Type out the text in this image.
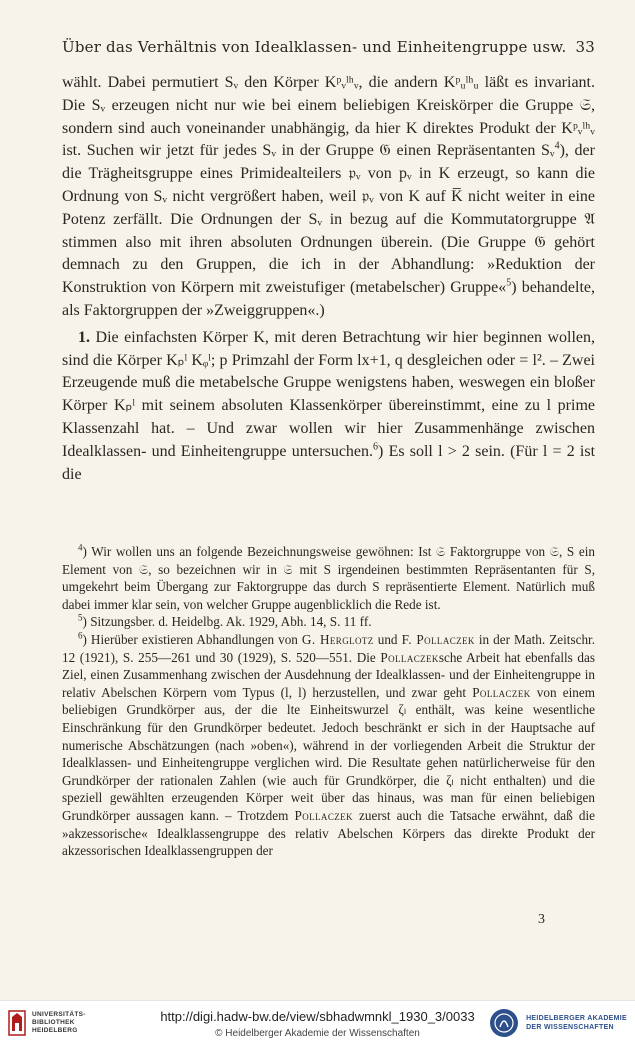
Über das Verhältnis von Idealklassen- und Einheitengruppe usw. 33

wählt. Dabei permutiert Sᵥ den Körper Kᵖᵥˡʰᵥ, die andern Kᵖᵤˡʰᵤ läßt es invariant. Die Sᵥ erzeugen nicht nur wie bei einem beliebigen Kreiskörper die Gruppe 𝔖, sondern sind auch voneinander unabhängig, da hier K direktes Produkt der Kᵖᵥˡʰᵥ ist. Suchen wir jetzt für jedes Sᵥ in der Gruppe 𝔊 einen Repräsentanten Sᵥ$^4$), der die Trägheitsgruppe eines Primidealteilers 𝔭ᵥ von pᵥ in K erzeugt, so kann die Ordnung von Sᵥ nicht vergrößert haben, weil 𝔭ᵥ von K auf K̅ nicht weiter in eine Potenz zerfällt. Die Ordnungen der Sᵥ in bezug auf die Kommutatorgruppe 𝔄 stimmen also mit ihren absoluten Ordnungen überein. (Die Gruppe 𝔊 gehört demnach zu den Gruppen, die ich in der Abhandlung: »Reduktion der Konstruktion von Körpern mit zweistufiger (metabelscher) Gruppe«$^5$) behandelte, als Faktorgruppen der »Zweiggruppen«.)

1. Die einfachsten Körper K, mit deren Betrachtung wir hier beginnen wollen, sind die Körper Kₚˡ Kᵩˡ; p Primzahl der Form lx+1, q desgleichen oder = l². – Zwei Erzeugende muß die metabelsche Gruppe wenigstens haben, weswegen ein bloßer Körper Kₚˡ mit seinem absoluten Klassenkörper übereinstimmt, eine zu l prime Klassenzahl hat. – Und zwar wollen wir hier Zusammenhänge zwischen Idealklassen- und Einheitengruppe untersuchen.$^6$) Es soll l > 2 sein. (Für l = 2 ist die

$^4$) Wir wollen uns an folgende Bezeichnungsweise gewöhnen: Ist 𝔖 Faktorgruppe von 𝔖, S ein Element von 𝔖, so bezeichnen wir in 𝔖 mit S irgendeinen bestimmten Repräsentanten für S, umgekehrt beim Übergang zur Faktorgruppe das durch S repräsentierte Element. Natürlich muß dabei immer klar sein, von welcher Gruppe augenblicklich die Rede ist.

$^5$) Sitzungsber. d. Heidelbg. Ak. 1929, Abh. 14, S. 11 ff.

$^6$) Hierüber existieren Abhandlungen von G. Herglotz und F. Pollaczek in der Math. Zeitschr. 12 (1921), S. 255—261 und 30 (1929), S. 520—551. Die Pollaczeksche Arbeit hat ebenfalls das Ziel, einen Zusammenhang zwischen der Ausdehnung der Idealklassen- und der Einheitengruppe in relativ Abelschen Körpern vom Typus (l, l) herzustellen, und zwar geht Pollaczek von einem beliebigen Grundkörper aus, der die lte Einheitswurzel ζₗ enthält, was keine wesentliche Einschränkung für den Grundkörper bedeutet. Jedoch beschränkt er sich in der Hauptsache auf numerische Abschätzungen (nach »oben«), während in der vorliegenden Arbeit die Struktur der Idealklassen- und Einheitengruppe verglichen wird. Die Resultate gehen natürlicherweise für den Grundkörper der rationalen Zahlen (wie auch für Grundkörper, die ζₗ nicht enthalten) und die speziell gewählten erzeugenden Körper weit über das hinaus, was man für einen beliebigen Grundkörper aussagen kann. – Trotzdem Pollaczek zuerst auch die Tatsache erwähnt, daß die »akzessorische« Idealklassengruppe des relativ Abelschen Körpers das direkte Produkt der akzessorischen Idealklassengruppen der

3
UNIVERSITÄTS-
BIBLIOTHEK
HEIDELBERG
http://digi.hadw-bw.de/view/sbhadwmnkl_1930_3/0033
© Heidelberger Akademie der Wissenschaften
HEIDELBERGER AKADEMIE
DER WISSENSCHAFTEN
